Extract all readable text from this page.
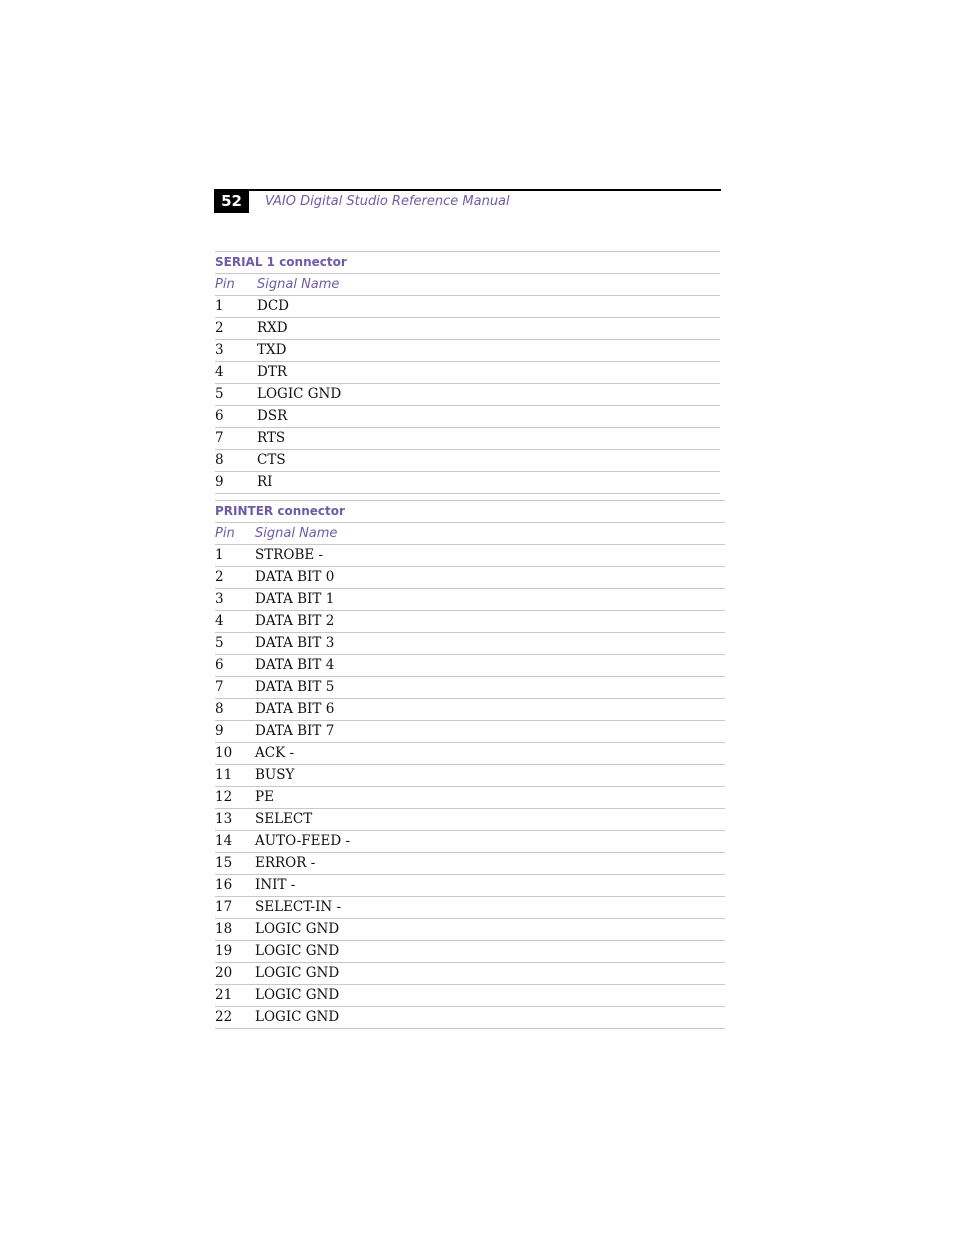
52	VAIO Digital Studio Reference Manual
SERIAL 1 connector
Pin Signal Name
1 DCD
2 RXD
3 TXD
4 DTR
5 LOGIC GND
6 DSR
7 RTS
8 CTS
9 RI
PRINTER connector
Pin Signal Name
1 STROBE -
2 DATA BIT 0
3 DATA BIT 1
4 DATA BIT 2
5 DATA BIT 3
6 DATA BIT 4
7 DATA BIT 5
8 DATA BIT 6
9 DATA BIT 7
10 ACK -
11 BUSY
12 PE
13 SELECT
14 AUTO-FEED -
15 ERROR -
16 INIT -
17 SELECT-IN -
18 LOGIC GND
19 LOGIC GND
20 LOGIC GND
21 LOGIC GND
22 LOGIC GND
